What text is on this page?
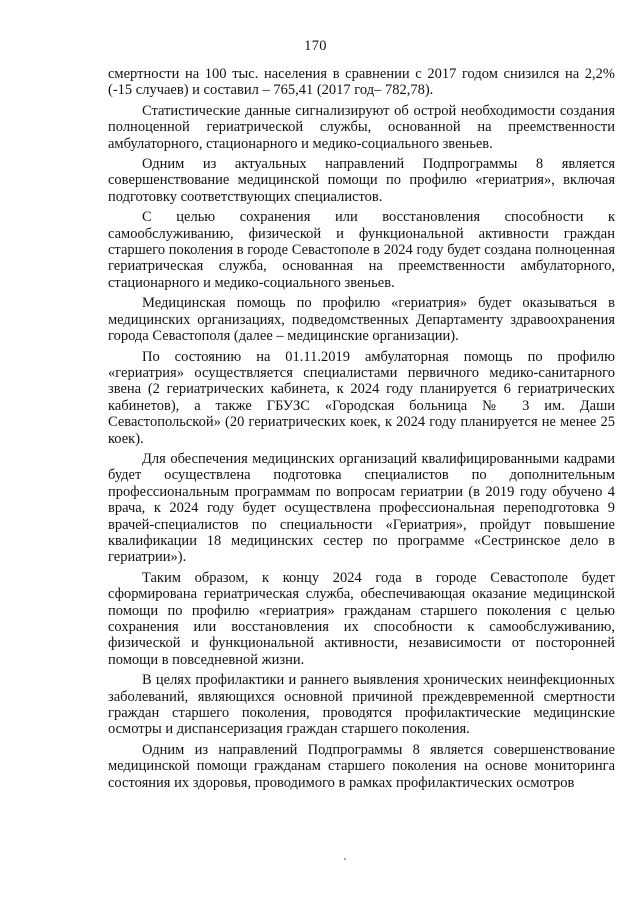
170

смертности на 100 тыс. населения в сравнении с 2017 годом снизился на 2,2% (-15 случаев) и составил – 765,41 (2017 год– 782,78).

Статистические данные сигнализируют об острой необходимости создания полноценной гериатрической службы, основанной на преемственности амбулаторного, стационарного и медико-социального звеньев.

Одним из актуальных направлений Подпрограммы 8 является совершенствование медицинской помощи по профилю «гериатрия», включая подготовку соответствующих специалистов.

С целью сохранения или восстановления способности к самообслуживанию, физической и функциональной активности граждан старшего поколения в городе Севастополе в 2024 году будет создана полноценная гериатрическая служба, основанная на преемственности амбулаторного, стационарного и медико-социального звеньев.

Медицинская помощь по профилю «гериатрия» будет оказываться в медицинских организациях, подведомственных Департаменту здравоохранения города Севастополя (далее – медицинские организации).

По состоянию на 01.11.2019 амбулаторная помощь по профилю «гериатрия» осуществляется специалистами первичного медико-санитарного звена (2 гериатрических кабинета, к 2024 году планируется 6 гериатрических кабинетов), а также ГБУЗС «Городская больница № 3 им. Даши Севастопольской» (20 гериатрических коек, к 2024 году планируется не менее 25 коек).

Для обеспечения медицинских организаций квалифицированными кадрами будет осуществлена подготовка специалистов по дополнительным профессиональным программам по вопросам гериатрии (в 2019 году обучено 4 врача, к 2024 году будет осуществлена профессиональная переподготовка 9 врачей-специалистов по специальности «Гериатрия», пройдут повышение квалификации 18 медицинских сестер по программе «Сестринское дело в гериатрии»).

Таким образом, к концу 2024 года в городе Севастополе будет сформирована гериатрическая служба, обеспечивающая оказание медицинской помощи по профилю «гериатрия» гражданам старшего поколения с целью сохранения или восстановления их способности к самообслуживанию, физической и функциональной активности, независимости от посторонней помощи в повседневной жизни.

В целях профилактики и раннего выявления хронических неинфекционных заболеваний, являющихся основной причиной преждевременной смертности граждан старшего поколения, проводятся профилактические медицинские осмотры и диспансеризация граждан старшего поколения.

Одним из направлений Подпрограммы 8 является совершенствование медицинской помощи гражданам старшего поколения на основе мониторинга состояния их здоровья, проводимого в рамках профилактических осмотров
